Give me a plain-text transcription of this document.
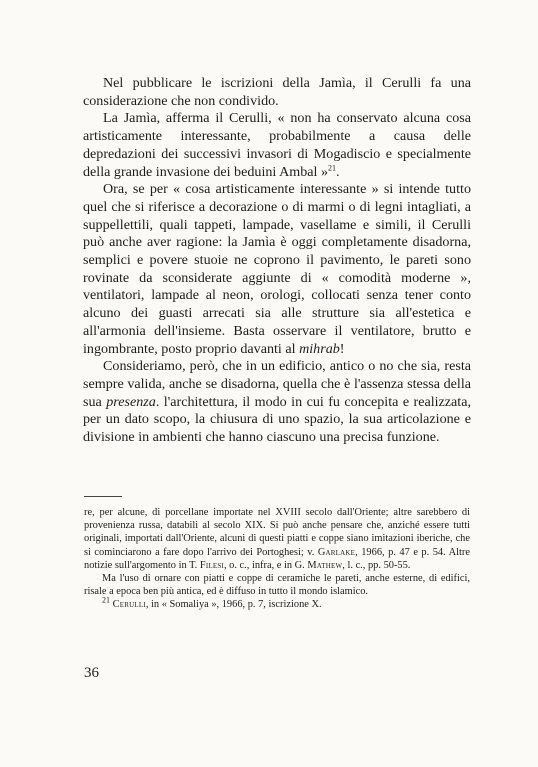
Nel pubblicare le iscrizioni della Jamìa, il Cerulli fa una considerazione che non condivido.

La Jamìa, afferma il Cerulli, « non ha conservato alcuna cosa artisticamente interessante, probabilmente a causa delle depredazioni dei successivi invasori di Mogadiscio e specialmente della grande invasione dei beduini Ambal »$^{21}$.

Ora, se per « cosa artisticamente interessante » si intende tutto quel che si riferisce a decorazione o di marmi o di legni intagliati, a suppellettili, quali tappeti, lampade, vasellame e simili, il Cerulli può anche aver ragione: la Jamìa è oggi completamente disadorna, semplici e povere stuoie ne coprono il pavimento, le pareti sono rovinate da sconsiderate aggiunte di « comodità moderne », ventilatori, lampade al neon, orologi, collocati senza tener conto alcuno dei guasti arrecati sia alle strutture sia all'estetica e all'armonia dell'insieme. Basta osservare il ventilatore, brutto e ingombrante, posto proprio davanti al mihrab!

Consideriamo, però, che in un edificio, antico o no che sia, resta sempre valida, anche se disadorna, quella che è l'assenza stessa della sua presenza. l'architettura, il modo in cui fu concepita e realizzata, per un dato scopo, la chiusura di uno spazio, la sua articolazione e divisione in ambienti che hanno ciascuno una precisa funzione.

re, per alcune, di porcellane importate nel XVIII secolo dall'Oriente; altre sarebbero di provenienza russa, databili al secolo XIX. Si può anche pensare che, anziché essere tutti originali, importati dall'Oriente, alcuni di questi piatti e coppe siano imitazioni iberiche, che si cominciarono a fare dopo l'arrivo dei Portoghesi; v. Garlake, 1966, p. 47 e p. 54. Altre notizie sull'argomento in T. Filesi, o. c., infra, e in G. Mathew, l. c., pp. 50-55.

Ma l'uso di ornare con piatti e coppe di ceramiche le pareti, anche esterne, di edifici, risale a epoca ben più antica, ed è diffuso in tutto il mondo islamico.

$^{21}$ Cerulli, in « Somaliya », 1966, p. 7, iscrizione X.

36
